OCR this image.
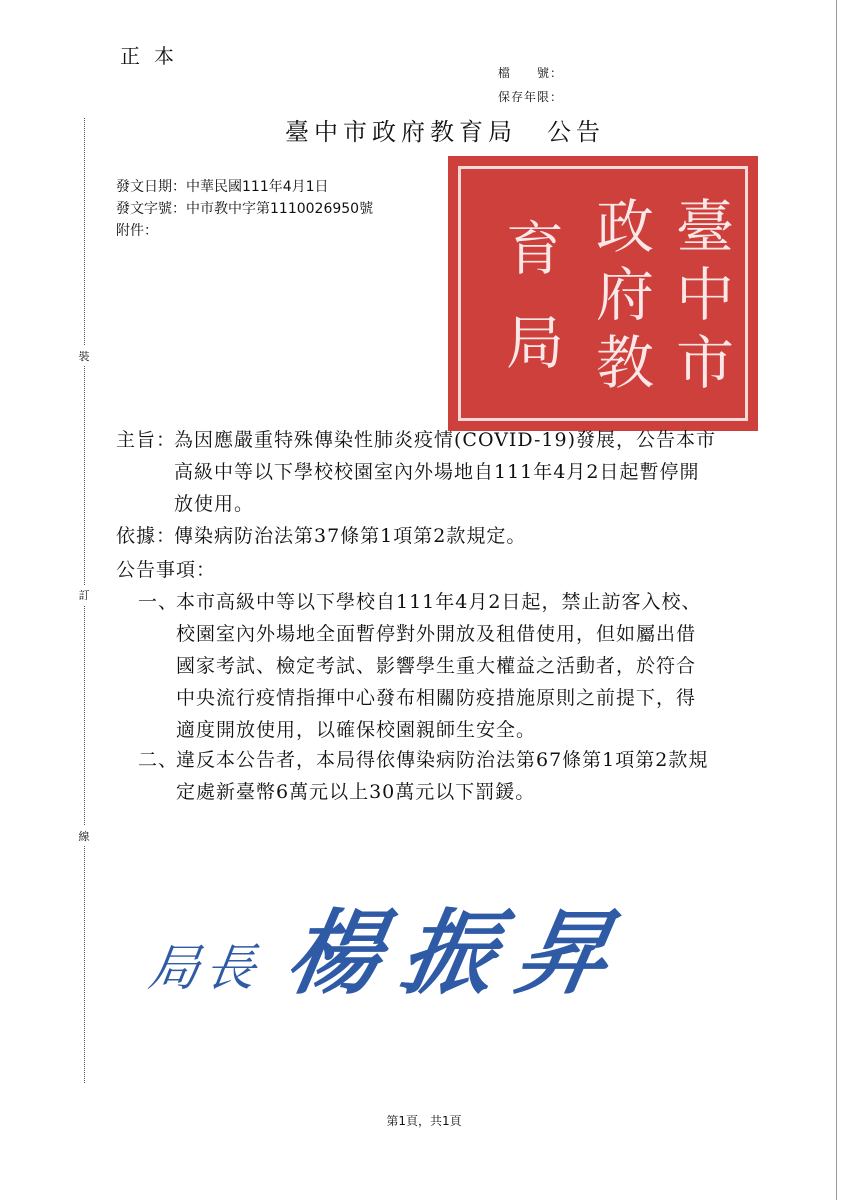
裝
訂
線
正本
檔　　號：
保存年限：
臺中市政府教育局 公告
發文日期：中華民國111年4月1日
發文字號：中市教中字第1110026950號
附件：	臺
中
市
政
府
教
育
局
主旨：
為因應嚴重特殊傳染性肺炎疫情(COVID-19)發展，公告本市
高級中等以下學校校園室內外場地自111年4月2日起暫停開
放使用。
依據：
傳染病防治法第37條第1項第2款規定。
公告事項：
一、
本市高級中等以下學校自111年4月2日起，禁止訪客入校、
校園室內外場地全面暫停對外開放及租借使用，但如屬出借
國家考試、檢定考試、影響學生重大權益之活動者，於符合
中央流行疫情指揮中心發布相關防疫措施原則之前提下，得
適度開放使用，以確保校園親師生安全。
二、
違反本公告者，本局得依傳染病防治法第67條第1項第2款規
定處新臺幣6萬元以上30萬元以下罰鍰。
局長 楊振昇
第1頁，共1頁
